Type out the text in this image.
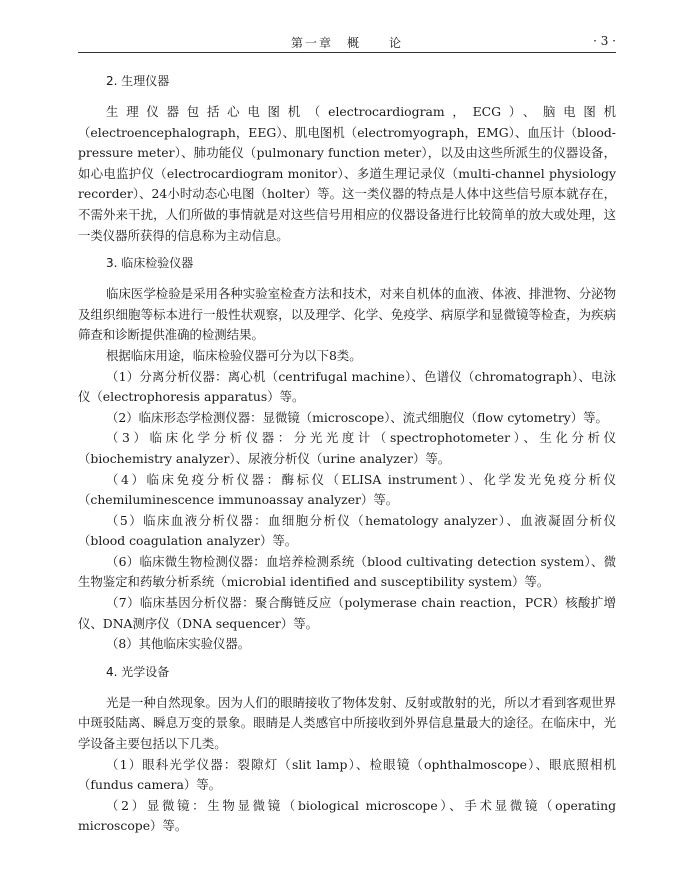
第一章　概　　论	· 3 ·
2. 生理仪器

生理仪器包括心电图机（electrocardiogram，ECG）、脑电图机（electroencephalograph，EEG）、肌电图机（electromyograph，EMG）、血压计（blood-pressure meter）、肺功能仪（pulmonary function meter），以及由这些所派生的仪器设备，如心电监护仪（electrocardiogram monitor）、多道生理记录仪（multi-channel physiology recorder）、24小时动态心电图（holter）等。这一类仪器的特点是人体中这些信号原本就存在，不需外来干扰，人们所做的事情就是对这些信号用相应的仪器设备进行比较简单的放大或处理，这一类仪器所获得的信息称为主动信息。

3. 临床检验仪器

临床医学检验是采用各种实验室检查方法和技术，对来自机体的血液、体液、排泄物、分泌物及组织细胞等标本进行一般性状观察，以及理学、化学、免疫学、病原学和显微镜等检查，为疾病筛查和诊断提供准确的检测结果。

根据临床用途，临床检验仪器可分为以下8类。

（1）分离分析仪器：离心机（centrifugal machine）、色谱仪（chromatograph）、电泳仪（electrophoresis apparatus）等。

（2）临床形态学检测仪器：显微镜（microscope）、流式细胞仪（flow cytometry）等。

（3）临床化学分析仪器：分光光度计（spectrophotometer）、生化分析仪（biochemistry analyzer）、尿液分析仪（urine analyzer）等。

（4）临床免疫分析仪器：酶标仪（ELISA instrument）、化学发光免疫分析仪（chemiluminescence immunoassay analyzer）等。

（5）临床血液分析仪器：血细胞分析仪（hematology analyzer）、血液凝固分析仪（blood coagulation analyzer）等。

（6）临床微生物检测仪器：血培养检测系统（blood cultivating detection system）、微生物鉴定和药敏分析系统（microbial identified and susceptibility system）等。

（7）临床基因分析仪器：聚合酶链反应（polymerase chain reaction，PCR）核酸扩增仪、DNA测序仪（DNA sequencer）等。

（8）其他临床实验仪器。

4. 光学设备

光是一种自然现象。因为人们的眼睛接收了物体发射、反射或散射的光，所以才看到客观世界中斑驳陆离、瞬息万变的景象。眼睛是人类感官中所接收到外界信息量最大的途径。在临床中，光学设备主要包括以下几类。

（1）眼科光学仪器：裂隙灯（slit lamp）、检眼镜（ophthalmoscope）、眼底照相机（fundus camera）等。

（2）显微镜：生物显微镜（biological microscope）、手术显微镜（operating microscope）等。
